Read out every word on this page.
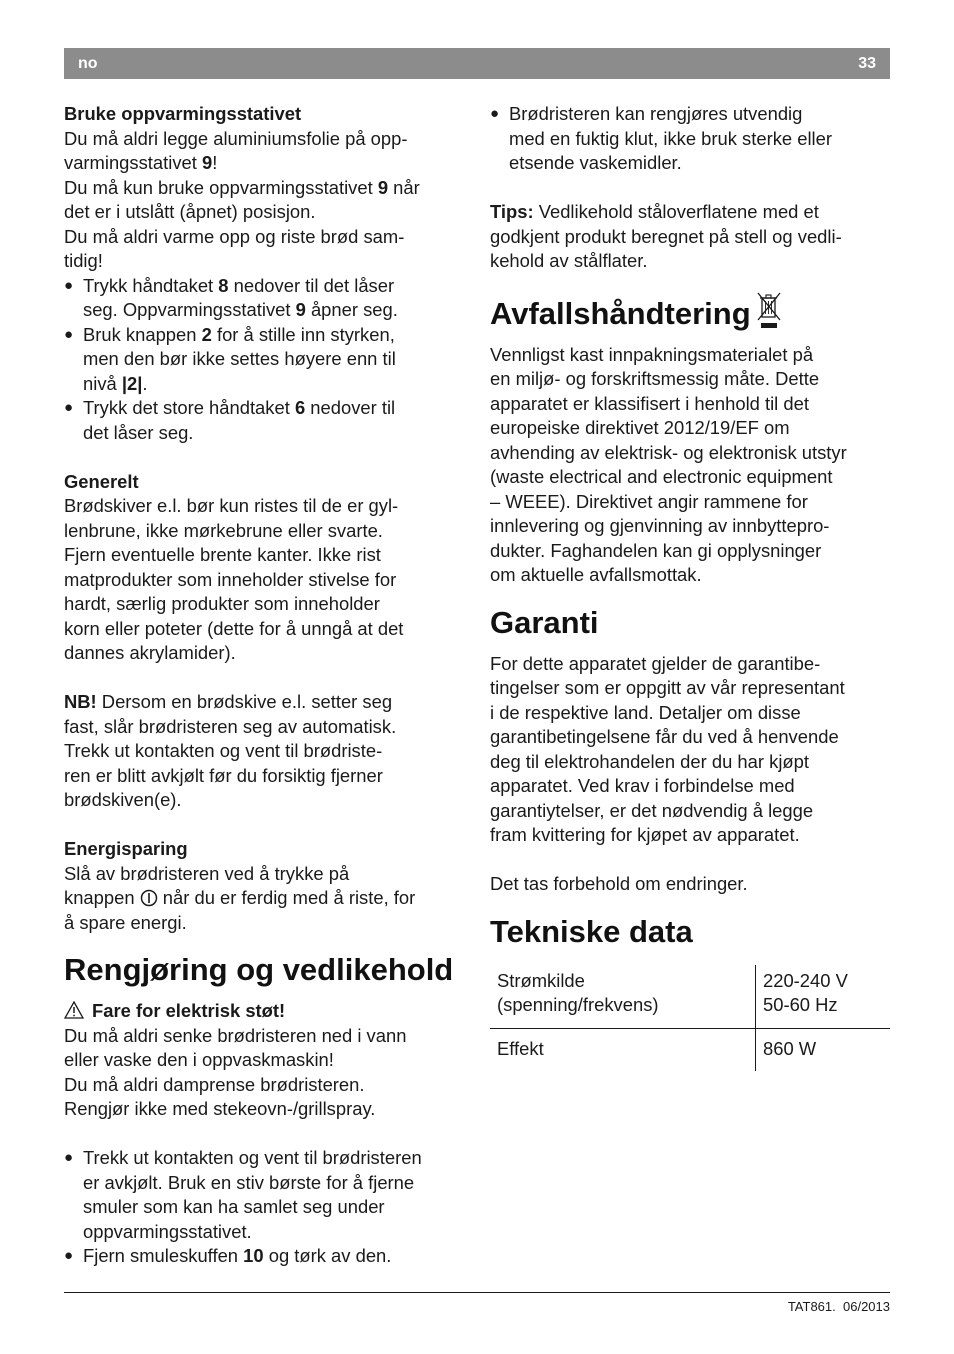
no	33
Bruke oppvarmingsstativet

Du må aldri legge aluminiumsfolie på opp-

varmingsstativet 9!

Du må kun bruke oppvarmingsstativet 9 når

det er i utslått (åpnet) posisjon.

Du må aldri varme opp og riste brød sam-

tidig!

● Trykk håndtaket 8 nedover til det låser
seg. Oppvarmingsstativet 9 åpner seg.
● Bruk knappen 2 for å stille inn styrken,
men den bør ikke settes høyere enn til
nivå |2|.
● Trykk det store håndtaket 6 nedover til
det låser seg.
Generelt

Brødskiver e.l. bør kun ristes til de er gyl-

lenbrune, ikke mørkebrune eller svarte.

Fjern eventuelle brente kanter. Ikke rist

matprodukter som inneholder stivelse for

hardt, særlig produkter som inneholder

korn eller poteter (dette for å unngå at det

dannes akrylamider).

NB! Dersom en brødskive e.l. setter seg

fast, slår brødristeren seg av automatisk.

Trekk ut kontakten og vent til brødriste-

ren er blitt avkjølt før du forsiktig fjerner

brødskiven(e).

Energisparing

Slå av brødristeren ved å trykke på

knappen  når du er ferdig med å riste, for

å spare energi.

Rengjøring og vedlikehold

Fare for elektrisk støt!

Du må aldri senke brødristeren ned i vann

eller vaske den i oppvaskmaskin!

Du må aldri damprense brødristeren.

Rengjør ikke med stekeovn-/grillspray.

● Trekk ut kontakten og vent til brødristeren
er avkjølt. Bruk en stiv børste for å fjerne
smuler som kan ha samlet seg under
oppvarmingsstativet.
● Fjern smuleskuffen 10 og tørk av den.
● Brødristeren kan rengjøres utvendig
med en fuktig klut, ikke bruk sterke eller
etsende vaskemidler.

Tips: Vedlikehold ståloverflatene med et

godkjent produkt beregnet på stell og vedli-

kehold av stålflater.

Avfallshåndtering

Vennligst kast innpakningsmaterialet på

en miljø- og forskriftsmessig måte. Dette

apparatet er klassifisert i henhold til det

europeiske direktivet 2012/19/EF om

avhending av elektrisk- og elektronisk utstyr

(waste electrical and electronic equipment

– WEEE). Direktivet angir rammene for

innlevering og gjenvinning av innbyttepro-

dukter. Faghandelen kan gi opplysninger

om aktuelle avfallsmottak.

Garanti

For dette apparatet gjelder de garantibe-

tingelser som er oppgitt av vår representant

i de respektive land. Detaljer om disse

garantibetingelsene får du ved å henvende

deg til elektrohandelen der du har kjøpt

apparatet. Ved krav i forbindelse med

garantiytelser, er det nødvendig å legge

fram kvittering for kjøpet av apparatet.

Det tas forbehold om endringer.

Tekniske data
Strømkilde
(spenning/frekvens)	220-240 V
50-60 Hz
Effekt	860 W
TAT861. 06/2013
